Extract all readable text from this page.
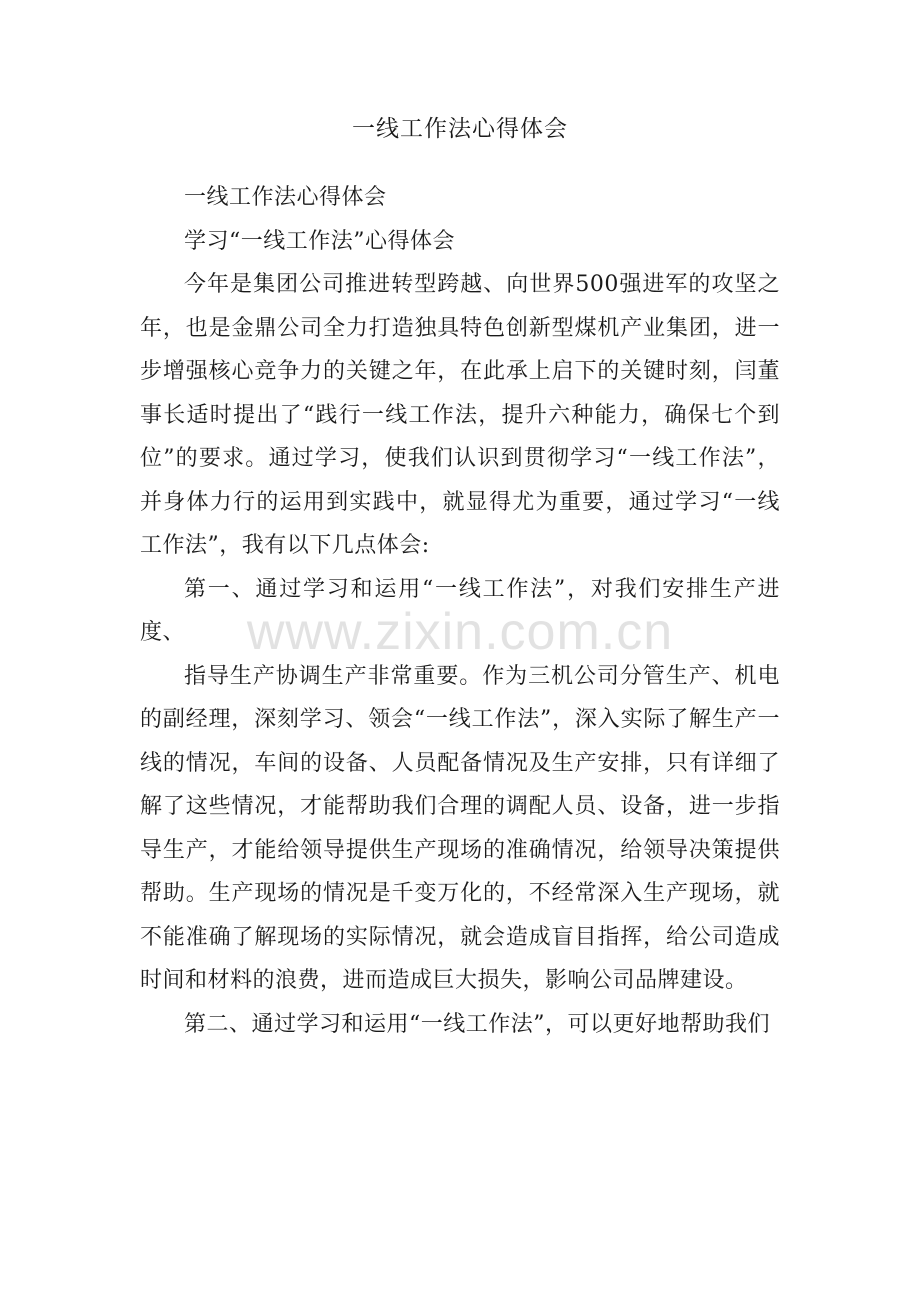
一线工作法心得体会

一线工作法心得体会

学习“一线工作法”心得体会

今年是集团公司推进转型跨越、向世界500强进军的攻坚之年，也是金鼎公司全力打造独具特色创新型煤机产业集团，进一步增强核心竞争力的关键之年，在此承上启下的关键时刻，闫董事长适时提出了“践行一线工作法，提升六种能力，确保七个到位”的要求。通过学习，使我们认识到贯彻学习“一线工作法”，并身体力行的运用到实践中，就显得尤为重要，通过学习“一线工作法”，我有以下几点体会:

第一、通过学习和运用“一线工作法”，对我们安排生产进度、

指导生产协调生产非常重要。作为三机公司分管生产、机电的副经理，深刻学习、领会“一线工作法”，深入实际了解生产一线的情况，车间的设备、人员配备情况及生产安排，只有详细了解了这些情况，才能帮助我们合理的调配人员、设备，进一步指导生产，才能给领导提供生产现场的准确情况，给领导决策提供帮助。生产现场的情况是千变万化的，不经常深入生产现场，就不能准确了解现场的实际情况，就会造成盲目指挥，给公司造成时间和材料的浪费，进而造成巨大损失，影响公司品牌建设。

第二、通过学习和运用“一线工作法”，可以更好地帮助我们

www.zixin.com.cn
